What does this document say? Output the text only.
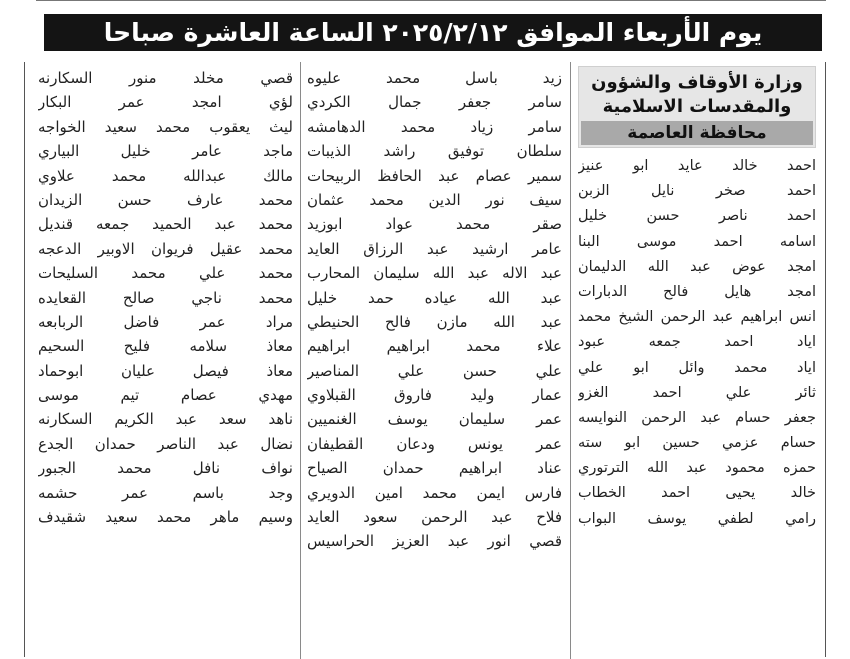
يوم الأربعاء الموافق ٢٠٢٥/٢/١٢ الساعة العاشرة صباحا
وزارة الأوقاف والشؤون
والمقدسات الاسلامية
محافظة العاصمة
احمد خالد عايد ابو عنيز
احمد صخر نايل الزبن
احمد ناصر حسن خليل
اسامه احمد موسى البنا
امجد عوض عبد الله الدليمان
امجد هايل فالح الدبارات
انس ابراهيم عبد الرحمن الشيخ محمد
اياد احمد جمعه عبود
اياد محمد وائل ابو علي
ثائر علي احمد الغزو
جعفر حسام عبد الرحمن النوايسه
حسام عزمي حسين ابو سته
حمزه محمود عبد الله الترتوري
خالد يحيى احمد الخطاب
رامي لطفي يوسف البواب
زيد باسل محمد عليوه
سامر جعفر جمال الكردي
سامر زياد محمد الدهامشه
سلطان توفيق راشد الذيبات
سمير عصام عبد الحافظ الربيحات
سيف نور الدين محمد عثمان
صقر محمد عواد ابوزيد
عامر ارشيد عبد الرزاق العايد
عبد الاله عبد الله سليمان المحارب
عبد الله عياده حمد خليل
عبد الله مازن فالح الحنيطي
علاء محمد ابراهيم ابراهيم
علي حسن علي المناصير
عمار وليد فاروق القبلاوي
عمر سليمان يوسف الغنميين
عمر يونس ودعان القطيفان
عناد ابراهيم حمدان الصياح
فارس ايمن محمد امين الدويري
فلاح عبد الرحمن سعود العايد
قصي انور عبد العزيز الحراسيس
قصي مخلد منور السكارنه
لؤي امجد عمر البكار
ليث يعقوب محمد سعيد الخواجه
ماجد عامر خليل البياري
مالك عبدالله محمد علاوي
محمد عارف حسن الزيدان
محمد عبد الحميد جمعه قنديل
محمد عقيل فريوان الاوبير الدعجه
محمد علي محمد السليحات
محمد ناجي صالح القعايده
مراد عمر فاضل الربابعه
معاذ سلامه فليح السحيم
معاذ فيصل عليان ابوحماد
مهدي عصام تيم موسى
ناهد سعد عبد الكريم السكارنه
نضال عبد الناصر حمدان الجدع
نواف نافل محمد الجبور
وجد باسم عمر حشمه
وسيم ماهر محمد سعيد شقيدف
